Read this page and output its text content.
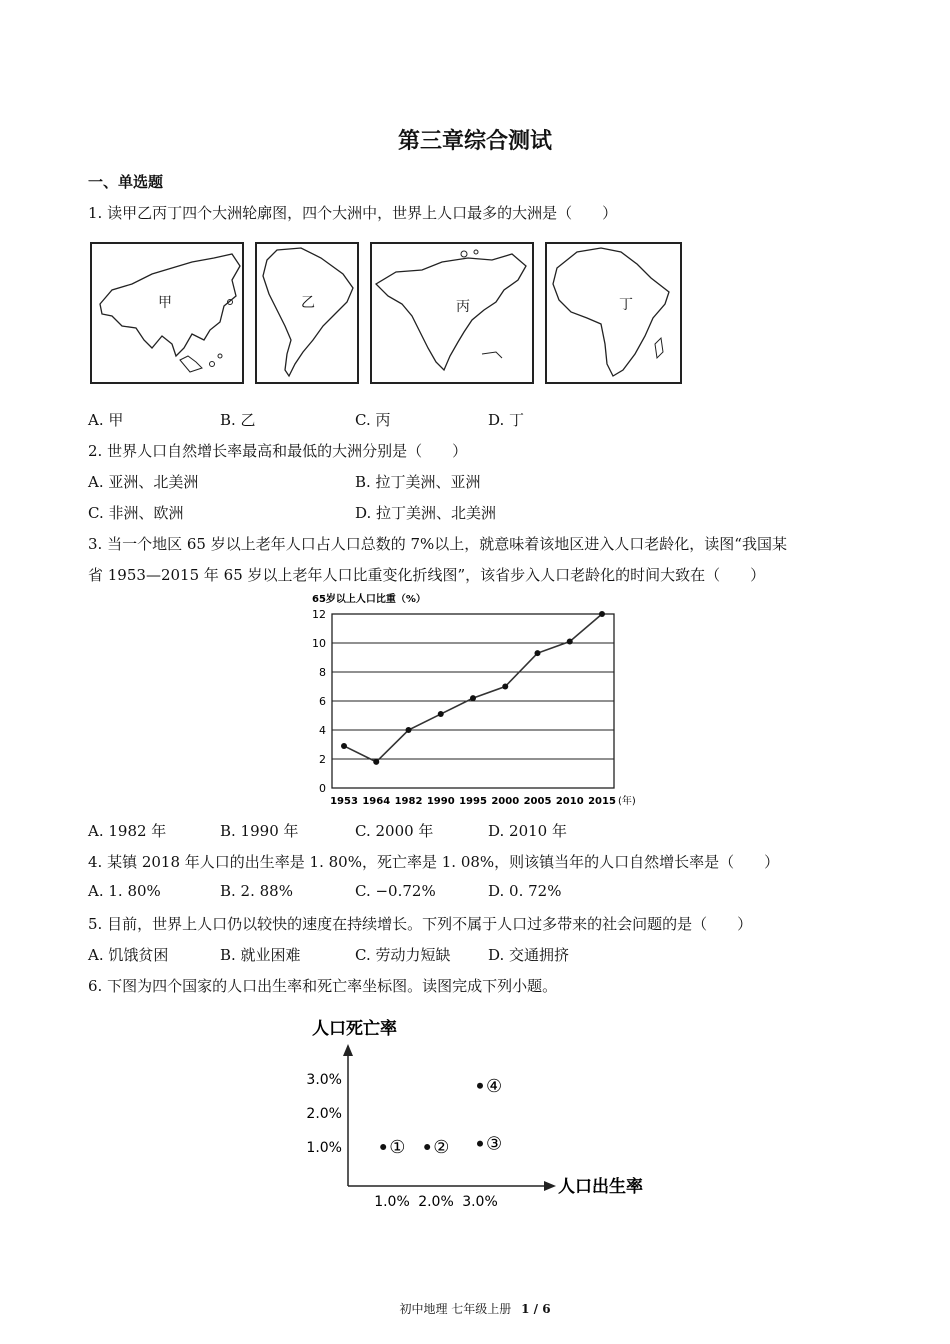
第三章综合测试
一、单选题
1. 读甲乙丙丁四个大洲轮廓图，四个大洲中，世界上人口最多的大洲是（　　）
甲	乙	丙	丁
A. 甲	B. 乙	C. 丙	D. 丁
2. 世界人口自然增长率最高和最低的大洲分别是（　　）
A. 亚洲、北美洲	B. 拉丁美洲、亚洲
C. 非洲、欧洲	D. 拉丁美洲、北美洲
3. 当一个地区 65 岁以上老年人口占人口总数的 7%以上，就意味着该地区进入人口老龄化，读图“我国某
省 1953—2015 年 65 岁以上老年人口比重变化折线图”，该省步入人口老龄化的时间大致在（　　）
65岁以上人口比重（%）
0
2
4
6
8
10
12
1953 1964 1982 1990 1995 2000 2005 2010 2015 (年)
A. 1982 年	B. 1990 年	C. 2000 年	D. 2010 年
4. 某镇 2018 年人口的出生率是 1. 80%，死亡率是 1. 08%，则该镇当年的人口自然增长率是（　　）
A. 1. 80%	B. 2. 88%	C. −0.72%	D. 0. 72%
5. 目前，世界上人口仍以较快的速度在持续增长。下列不属于人口过多带来的社会问题的是（　　）
A. 饥饿贫困	B. 就业困难	C. 劳动力短缺	D. 交通拥挤
6. 下图为四个国家的人口出生率和死亡率坐标图。读图完成下列小题。
人口死亡率
人口出生率
1.0%
2.0%
3.0%
1.0% 2.0% 3.0%
① ② ③
④
初中地理 七年级上册 1 / 6
